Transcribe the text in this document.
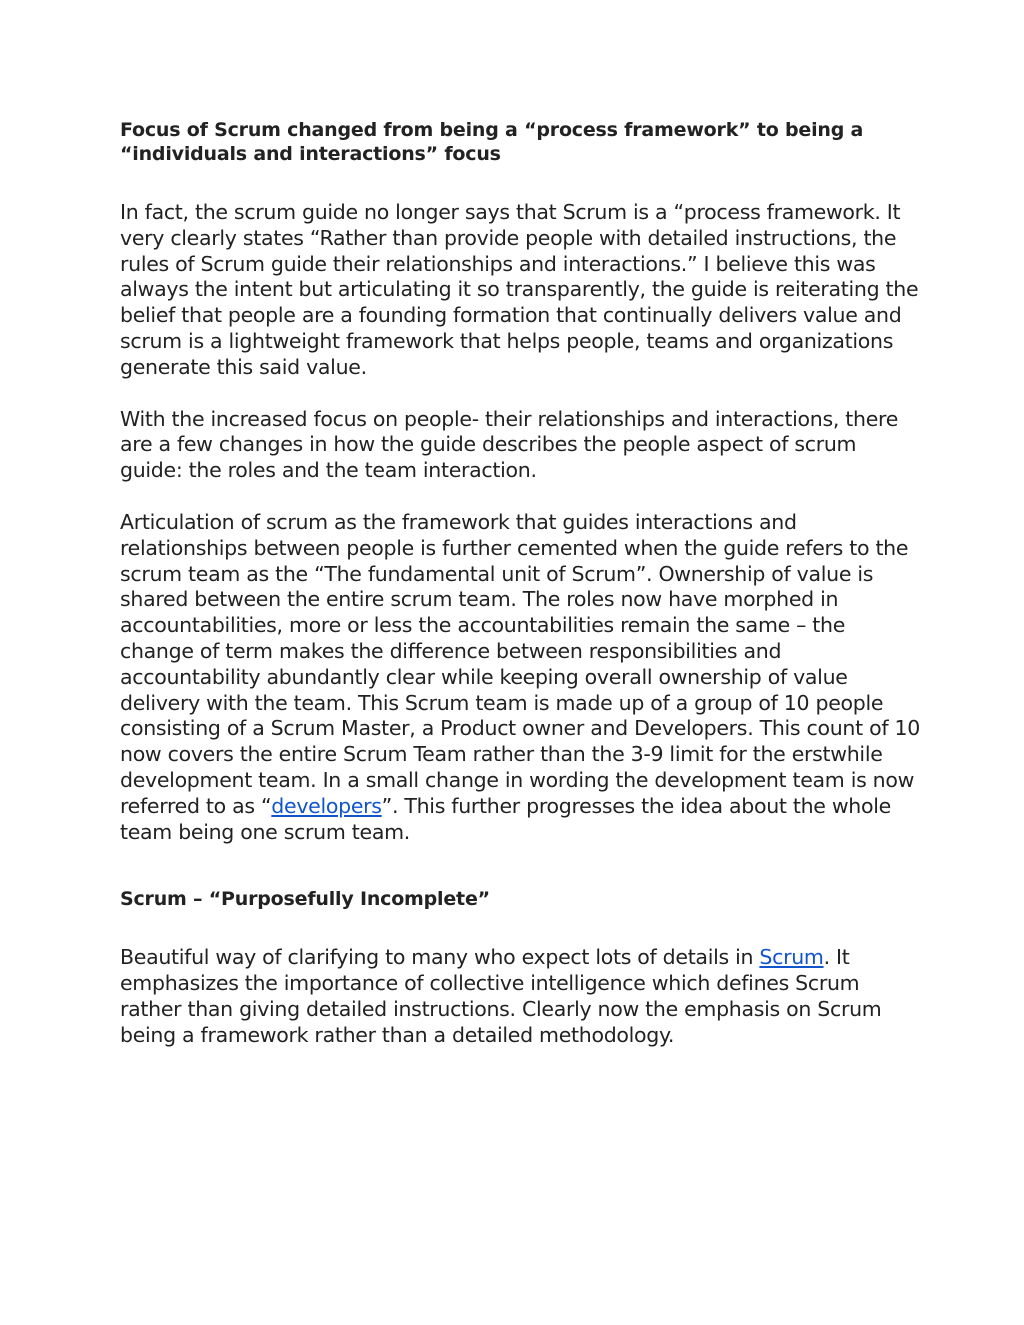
Focus of Scrum changed from being a “process framework” to being a “individuals and interactions” focus

In fact, the scrum guide no longer says that Scrum is a “process framework. It very clearly states “Rather than provide people with detailed instructions, the rules of Scrum guide their relationships and interactions.” I believe this was always the intent but articulating it so transparently, the guide is reiterating the belief that people are a founding formation that continually delivers value and scrum is a lightweight framework that helps people, teams and organizations generate this said value.

With the increased focus on people- their relationships and interactions, there are a few changes in how the guide describes the people aspect of scrum guide: the roles and the team interaction.

Articulation of scrum as the framework that guides interactions and relationships between people is further cemented when the guide refers to the scrum team as the “The fundamental unit of Scrum”. Ownership of value is shared between the entire scrum team. The roles now have morphed in accountabilities, more or less the accountabilities remain the same – the change of term makes the difference between responsibilities and accountability abundantly clear while keeping overall ownership of value delivery with the team. This Scrum team is made up of a group of 10 people consisting of a Scrum Master, a Product owner and Developers. This count of 10 now covers the entire Scrum Team rather than the 3-9 limit for the erstwhile development team. In a small change in wording the development team is now referred to as “developers”. This further progresses the idea about the whole team being one scrum team.

Scrum – “Purposefully Incomplete”

Beautiful way of clarifying to many who expect lots of details in Scrum. It emphasizes the importance of collective intelligence which defines Scrum rather than giving detailed instructions. Clearly now the emphasis on Scrum being a framework rather than a detailed methodology.
